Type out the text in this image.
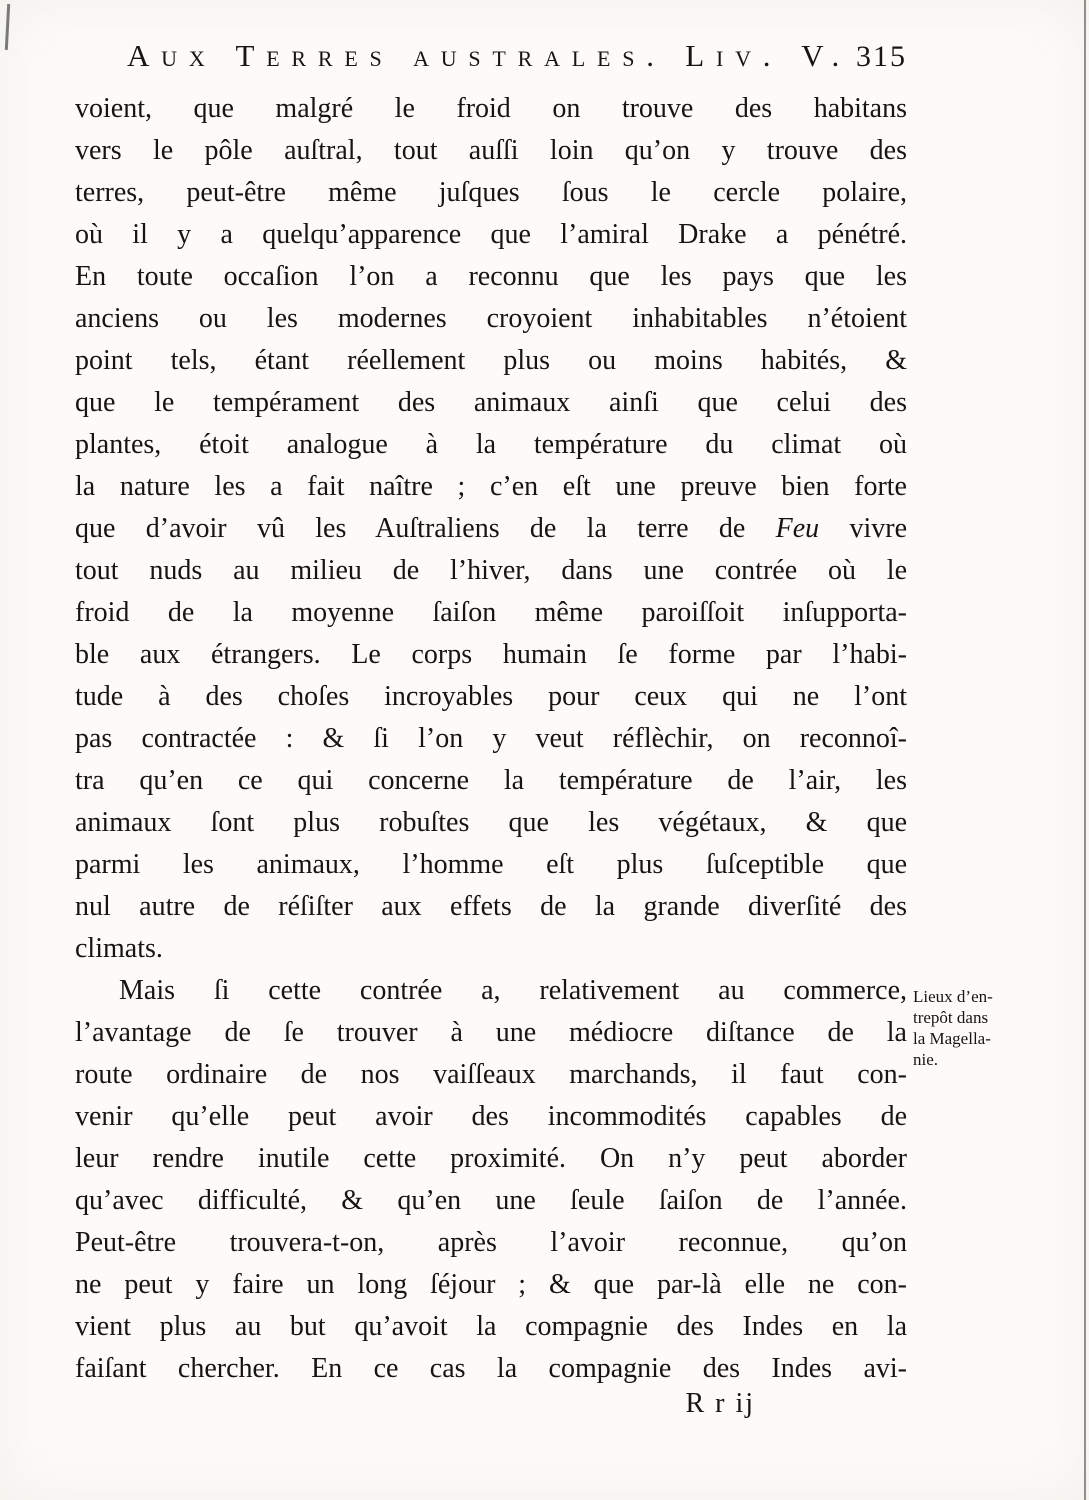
Aux Terres australes. Liv. V. 315
voient, que malgré le froid on trouve des habitans
vers le pôle auſtral, tout auſſi loin qu’on y trouve des
terres, peut-être même juſques ſous le cercle polaire,
où il y a quelqu’apparence que l’amiral Drake a pénétré.
En toute occaſion l’on a reconnu que les pays que les
anciens ou les modernes croyoient inhabitables n’étoient
point tels, étant réellement plus ou moins habités, &
que le tempérament des animaux ainſi que celui des
plantes, étoit analogue à la température du climat où
la nature les a fait naître ; c’en eſt une preuve bien forte
que d’avoir vû les Auſtraliens de la terre de Feu vivre
tout nuds au milieu de l’hiver, dans une contrée où le
froid de la moyenne ſaiſon même paroiſſoit inſupporta-
ble aux étrangers. Le corps humain ſe forme par l’habi-
tude à des choſes incroyables pour ceux qui ne l’ont
pas contractée : & ſi l’on y veut réflèchir, on reconnoî-
tra qu’en ce qui concerne la température de l’air, les
animaux ſont plus robuſtes que les végétaux, & que
parmi les animaux, l’homme eſt plus ſuſceptible que
nul autre de réſiſter aux effets de la grande diverſité des
climats.
Mais ſi cette contrée a, relativement au commerce,
l’avantage de ſe trouver à une médiocre diſtance de la
route ordinaire de nos vaiſſeaux marchands, il faut con-
venir qu’elle peut avoir des incommodités capables de
leur rendre inutile cette proximité. On n’y peut aborder
qu’avec difficulté, & qu’en une ſeule ſaiſon de l’année.
Peut-être trouvera-t-on, après l’avoir reconnue, qu’on
ne peut y faire un long ſéjour ; & que par-là elle ne con-
vient plus au but qu’avoit la compagnie des Indes en la
faiſant chercher. En ce cas la compagnie des Indes avi-
Lieux d’en-
trepôt dans
la Magella-
nie.
R r ij
